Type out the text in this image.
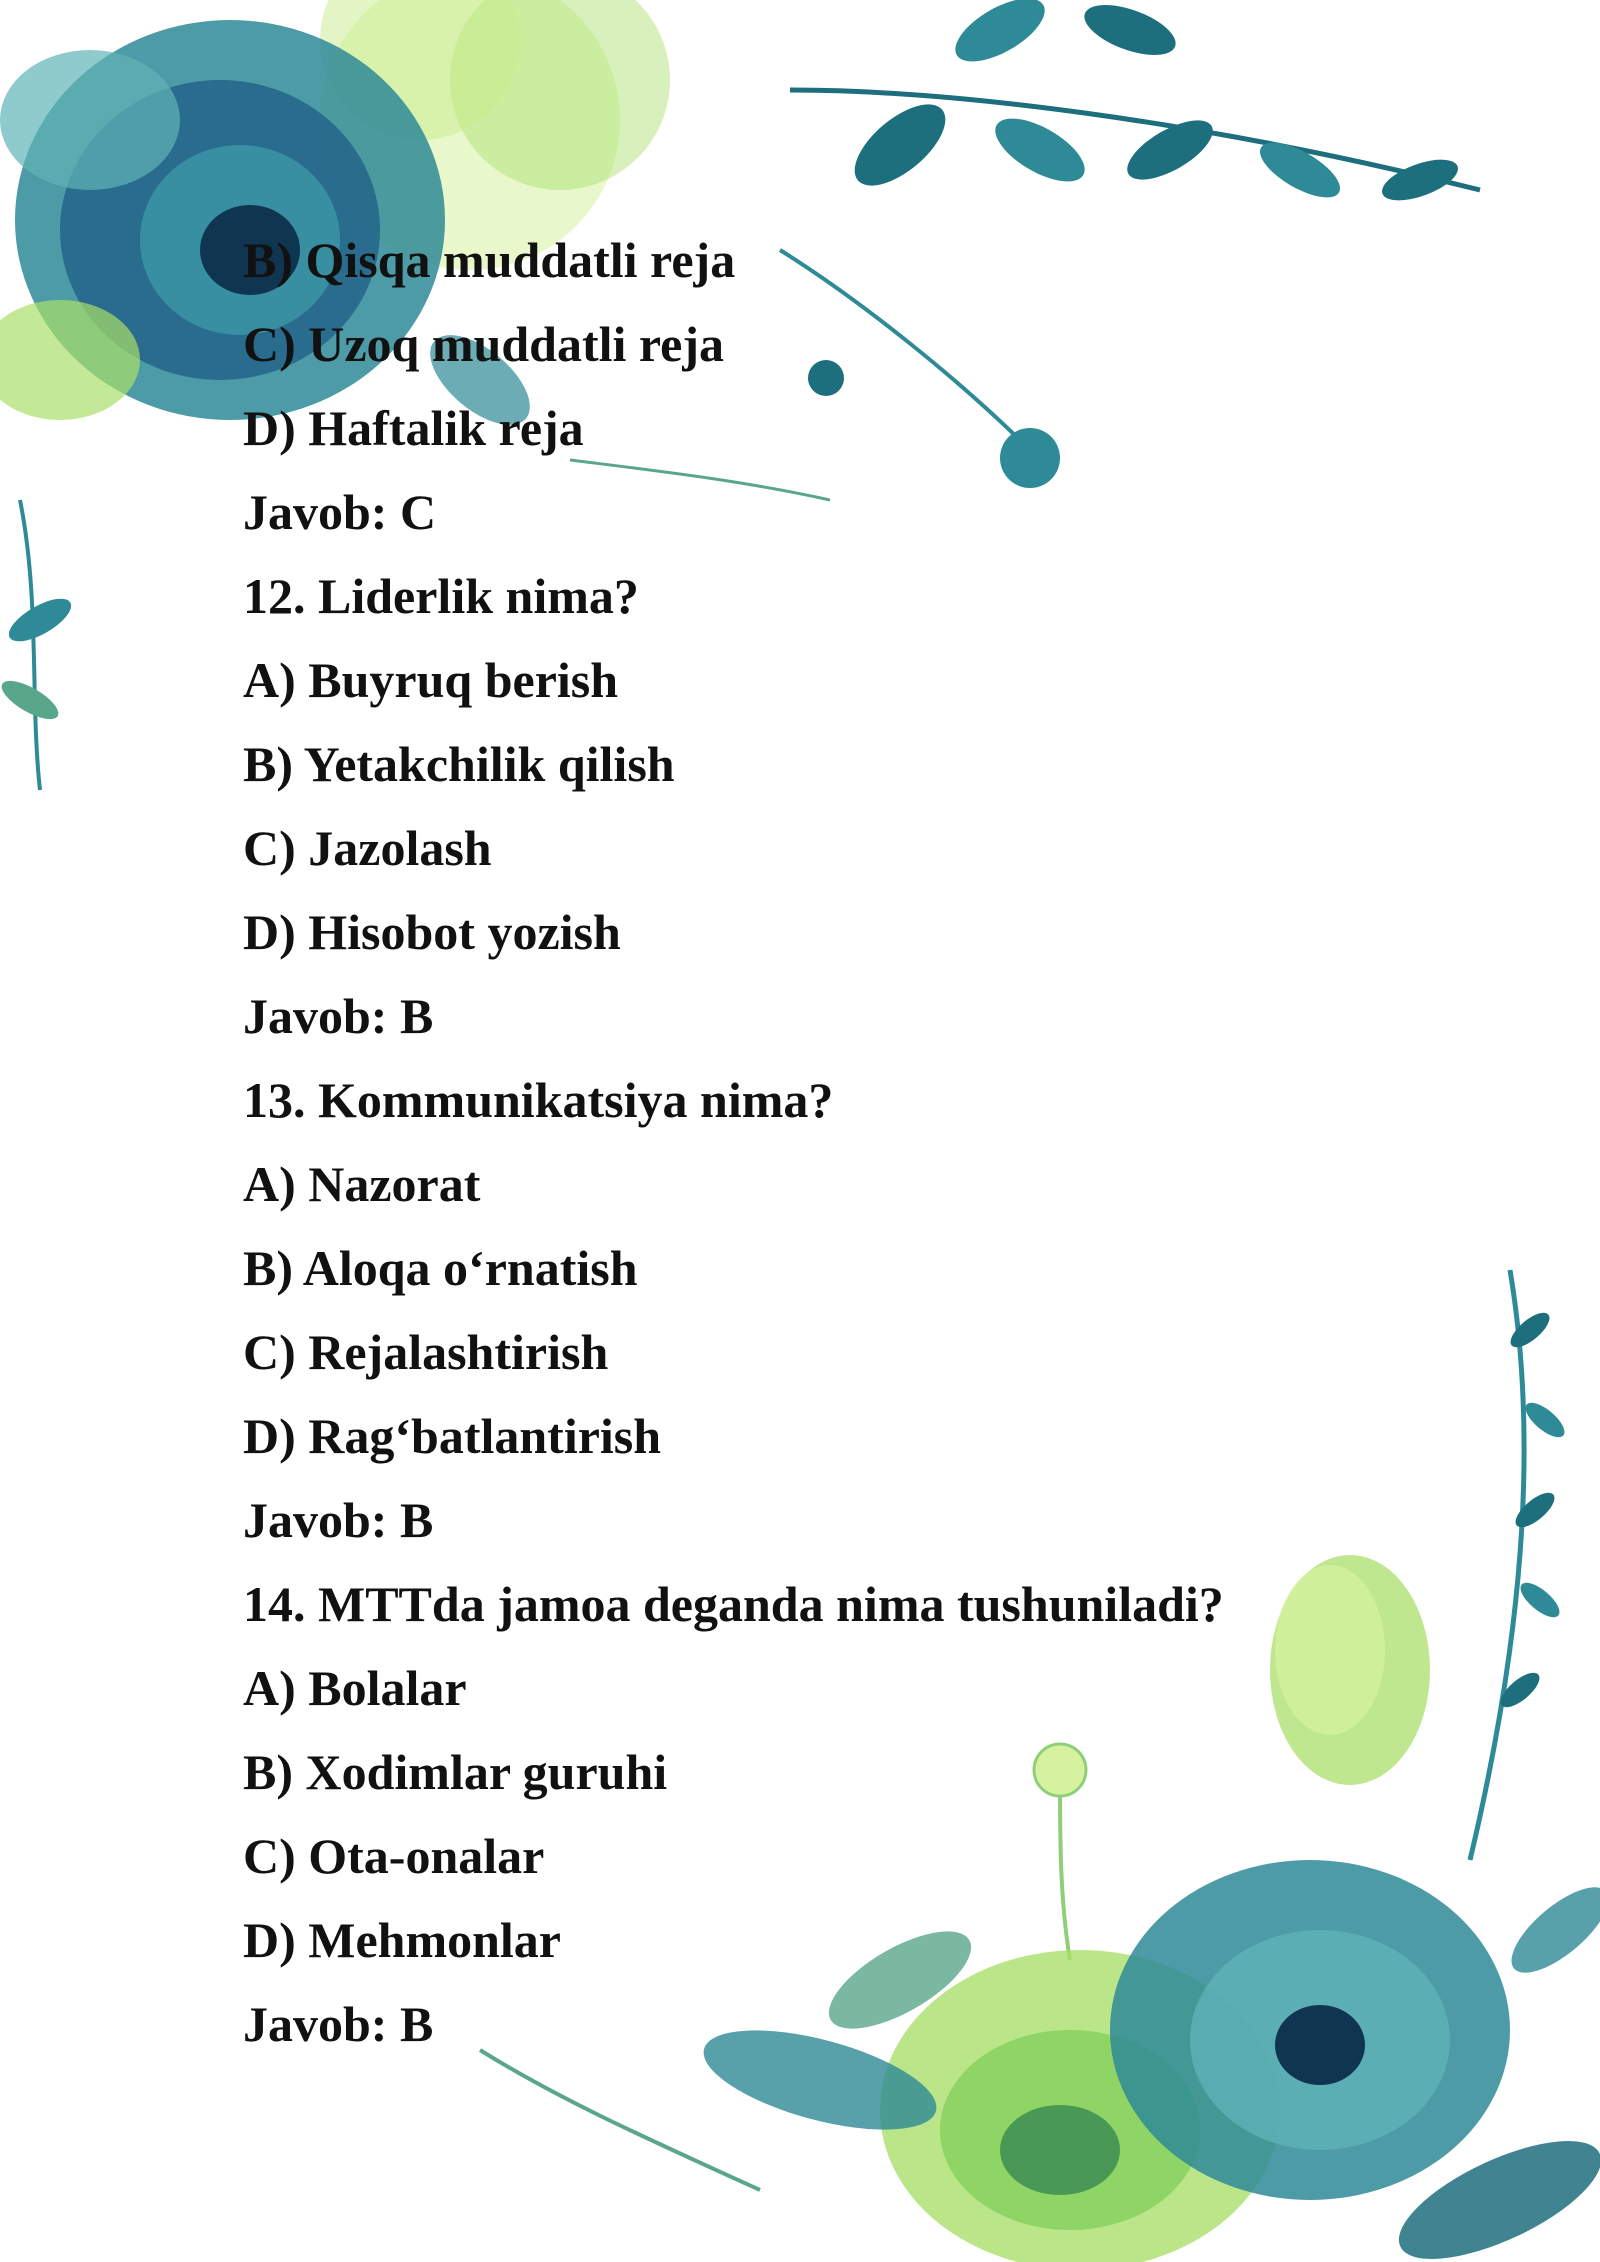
B) Qisqa muddatli reja
C) Uzoq muddatli reja
D) Haftalik reja
Javob: C
12. Liderlik nima?
A) Buyruq berish
B) Yetakchilik qilish
C) Jazolash
D) Hisobot yozish
Javob: B
13. Kommunikatsiya nima?
A) Nazorat
B) Aloqa o‘rnatish
C) Rejalashtirish
D) Rag‘batlantirish
Javob: B
14. MTTda jamoa deganda nima tushuniladi?
A) Bolalar
B) Xodimlar guruhi
C) Ota-onalar
D) Mehmonlar
Javob: B
